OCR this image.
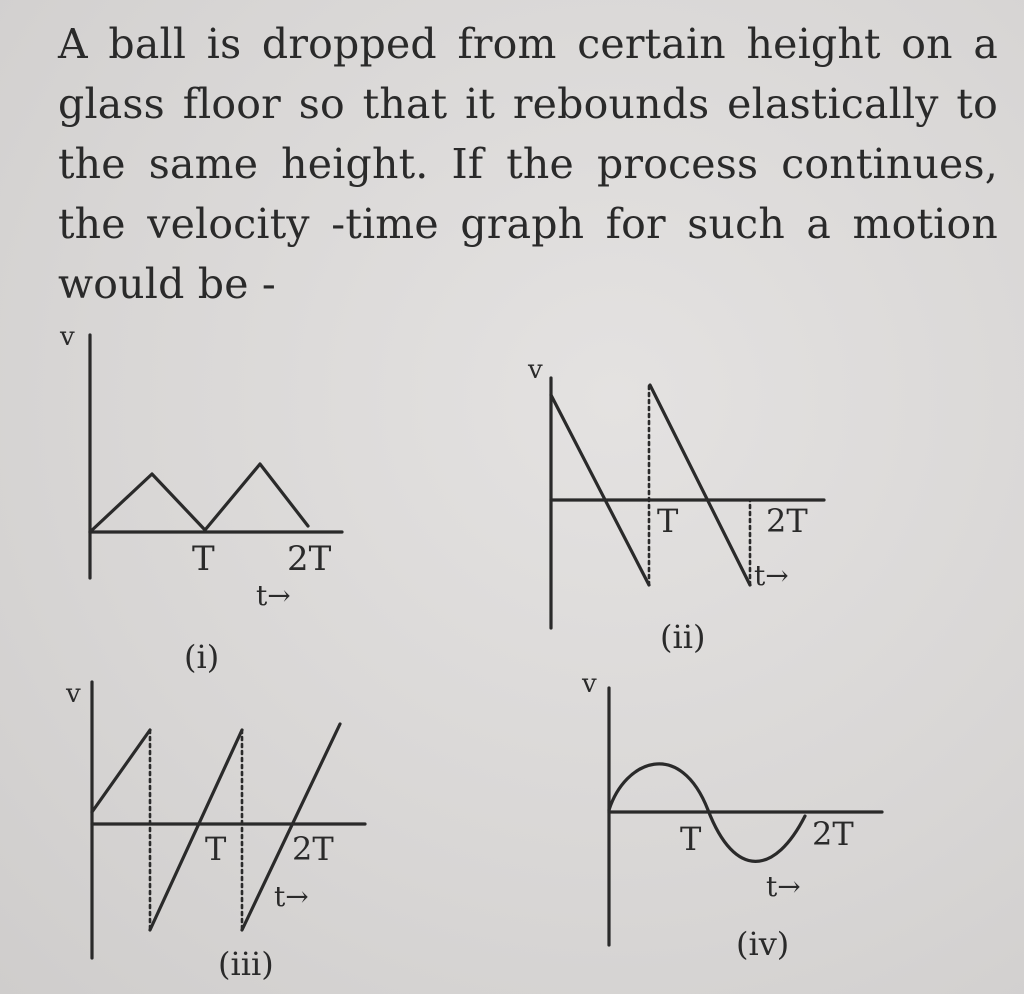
A ball is dropped from certain height on a glass floor so that it rebounds elastically to the same height. If the process continues, the velocity -time graph for such a motion would be -
v
T 2T
t→
(i)
v
T	2T
t→
(ii)
v
T 2T
t→
(iii)
v
T	2T
t→
(iv)
